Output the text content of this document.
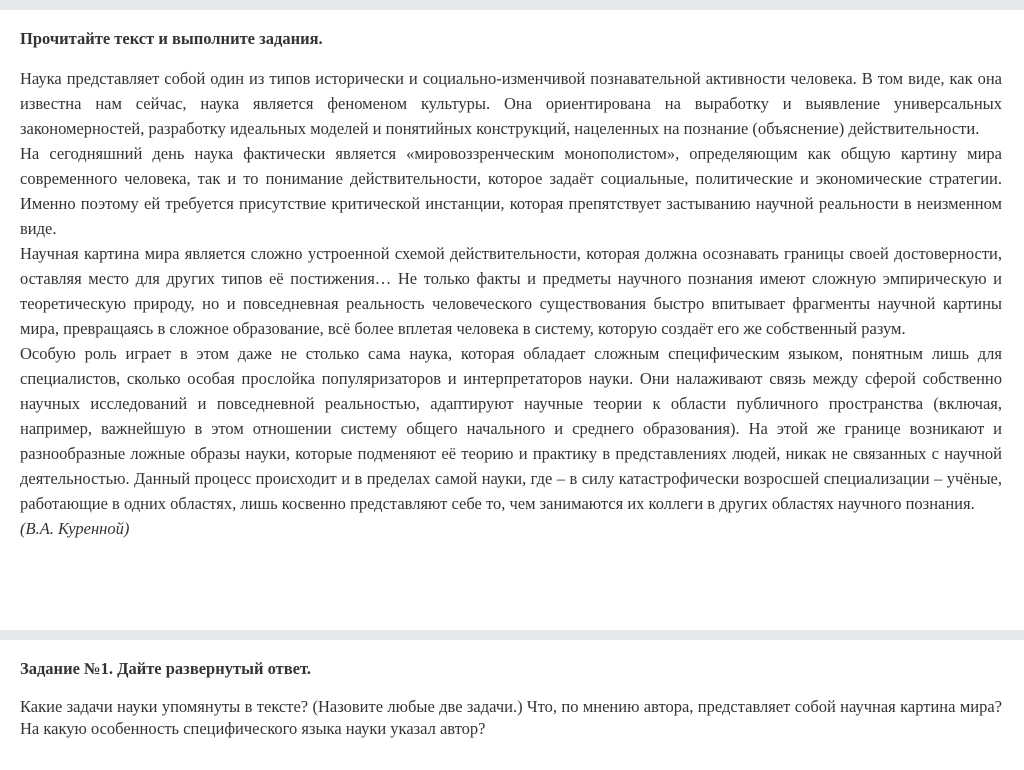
Прочитайте текст и выполните задания.

Наука представляет собой один из типов исторически и социально-изменчивой познавательной активности человека. В том виде, как она известна нам сейчас, наука является феноменом культуры. Она ориентирована на выработку и выявление универсальных закономерностей, разработку идеальных моделей и понятийных конструкций, нацеленных на познание (объяснение) действительности.

На сегодняшний день наука фактически является «мировоззренческим монополистом», определяющим как общую картину мира современного человека, так и то понимание действительности, которое задаёт социальные, политические и экономические стратегии. Именно поэтому ей требуется присутствие критической инстанции, которая препятствует застыванию научной реальности в неизменном виде.

Научная картина мира является сложно устроенной схемой действительности, которая должна осознавать границы своей достоверности, оставляя место для других типов её постижения… Не только факты и предметы научного познания имеют сложную эмпирическую и теоретическую природу, но и повседневная реальность человеческого существования быстро впитывает фрагменты научной картины мира, превращаясь в сложное образование, всё более вплетая человека в систему, которую создаёт его же собственный разум.

Особую роль играет в этом даже не столько сама наука, которая обладает сложным специфическим языком, понятным лишь для специалистов, сколько особая прослойка популяризаторов и интерпретаторов науки. Они налаживают связь между сферой собственно научных исследований и повседневной реальностью, адаптируют научные теории к области публичного пространства (включая, например, важнейшую в этом отношении систему общего начального и среднего образования). На этой же границе возникают и разнообразные ложные образы науки, которые подменяют её теорию и практику в представлениях людей, никак не связанных с научной деятельностью. Данный процесс происходит и в пределах самой науки, где – в силу катастрофически возросшей специализации – учёные, работающие в одних областях, лишь косвенно представляют себе то, чем занимаются их коллеги в других областях научного познания.

(В.А. Куренной)

Задание №1. Дайте развернутый ответ.

Какие задачи науки упомянуты в тексте? (Назовите любые две задачи.) Что, по мнению автора, представляет собой научная картина мира? На какую особенность специфического языка науки указал автор?
